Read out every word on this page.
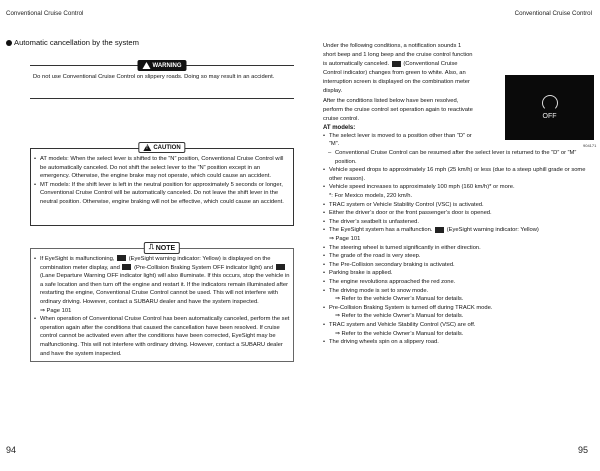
Conventional Cruise Control
Automatic cancellation by the system
!
WARNING

Do not use Conventional Cruise Control on slippery roads. Doing so may result in an accident.

!
CAUTION
• AT models: When the select lever is shifted to the “N” position, Conventional Cruise Control will be automatically canceled. Do not shift the select lever to the “N” position except in an emergency. Otherwise, the engine brake may not operate, which could cause an accident.
• MT models: If the shift lever is left in the neutral position for approximately 5 seconds or longer, Conventional Cruise Control will be automatically canceled. Do not leave the shift lever in the neutral position. Otherwise, engine braking will not be effective, which could cause an accident.
⎍ NOTE
• If EyeSight is malfunctioning, (EyeSight warning indicator: Yellow) is displayed on the combination meter display, and (Pre-Collision Braking System OFF indicator light) and  (Lane Departure Warning OFF indicator light) will also illuminate. If this occurs, stop the vehicle in a safe location and then turn off the engine and restart it. If the indicators remain illuminated after restarting the engine, Conventional Cruise Control cannot be used. This will not interfere with ordinary driving. However, contact a SUBARU dealer and have the system inspected.
⇒ Page 101
• When operation of Conventional Cruise Control has been automatically canceled, perform the set operation again after the conditions that caused the cancellation have been resolved. If cruise control cannot be activated even after the conditions have been corrected, EyeSight may be malfunctioning. This will not interfere with ordinary driving. However, contact a SUBARU dealer and have the system inspected.
94
Conventional Cruise Control
OFF
904171

Under the following conditions, a notification sounds 1 short beep and 1 long beep and the cruise control function is automatically canceled. (Conventional Cruise Control indicator) changes from green to white. Also, an interruption screen is displayed on the combination meter display.

After the conditions listed below have been resolved, perform the cruise control set operation again to reactivate cruise control.

AT models:

• The select lever is moved to a position other than “D” or “M”.
– Conventional Cruise Control can be resumed after the select lever is returned to the “D” or “M” position.
• Vehicle speed drops to approximately 16 mph (25 km/h) or less (due to a steep uphill grade or some other reason).
• Vehicle speed increases to approximately 100 mph (160 km/h)* or more.
*: For Mexico models, 220 km/h.
• TRAC system or Vehicle Stability Control (VSC) is activated.
• Either the driver’s door or the front passenger’s door is opened.
• The driver’s seatbelt is unfastened.
• The EyeSight system has a malfunction. (EyeSight warning indicator: Yellow)
⇒ Page 101
• The steering wheel is turned significantly in either direction.
• The grade of the road is very steep.
• The Pre-Collision secondary braking is activated.
• Parking brake is applied.
• The engine revolutions approached the red zone.
• The driving mode is set to snow mode.
⇒ Refer to the vehicle Owner’s Manual for details.
• Pre-Collision Braking System is turned off during TRACK mode.
⇒ Refer to the vehicle Owner’s Manual for details.
• TRAC system and Vehicle Stability Control (VSC) are off.
⇒ Refer to the vehicle Owner’s Manual for details.
• The driving wheels spin on a slippery road.
95
